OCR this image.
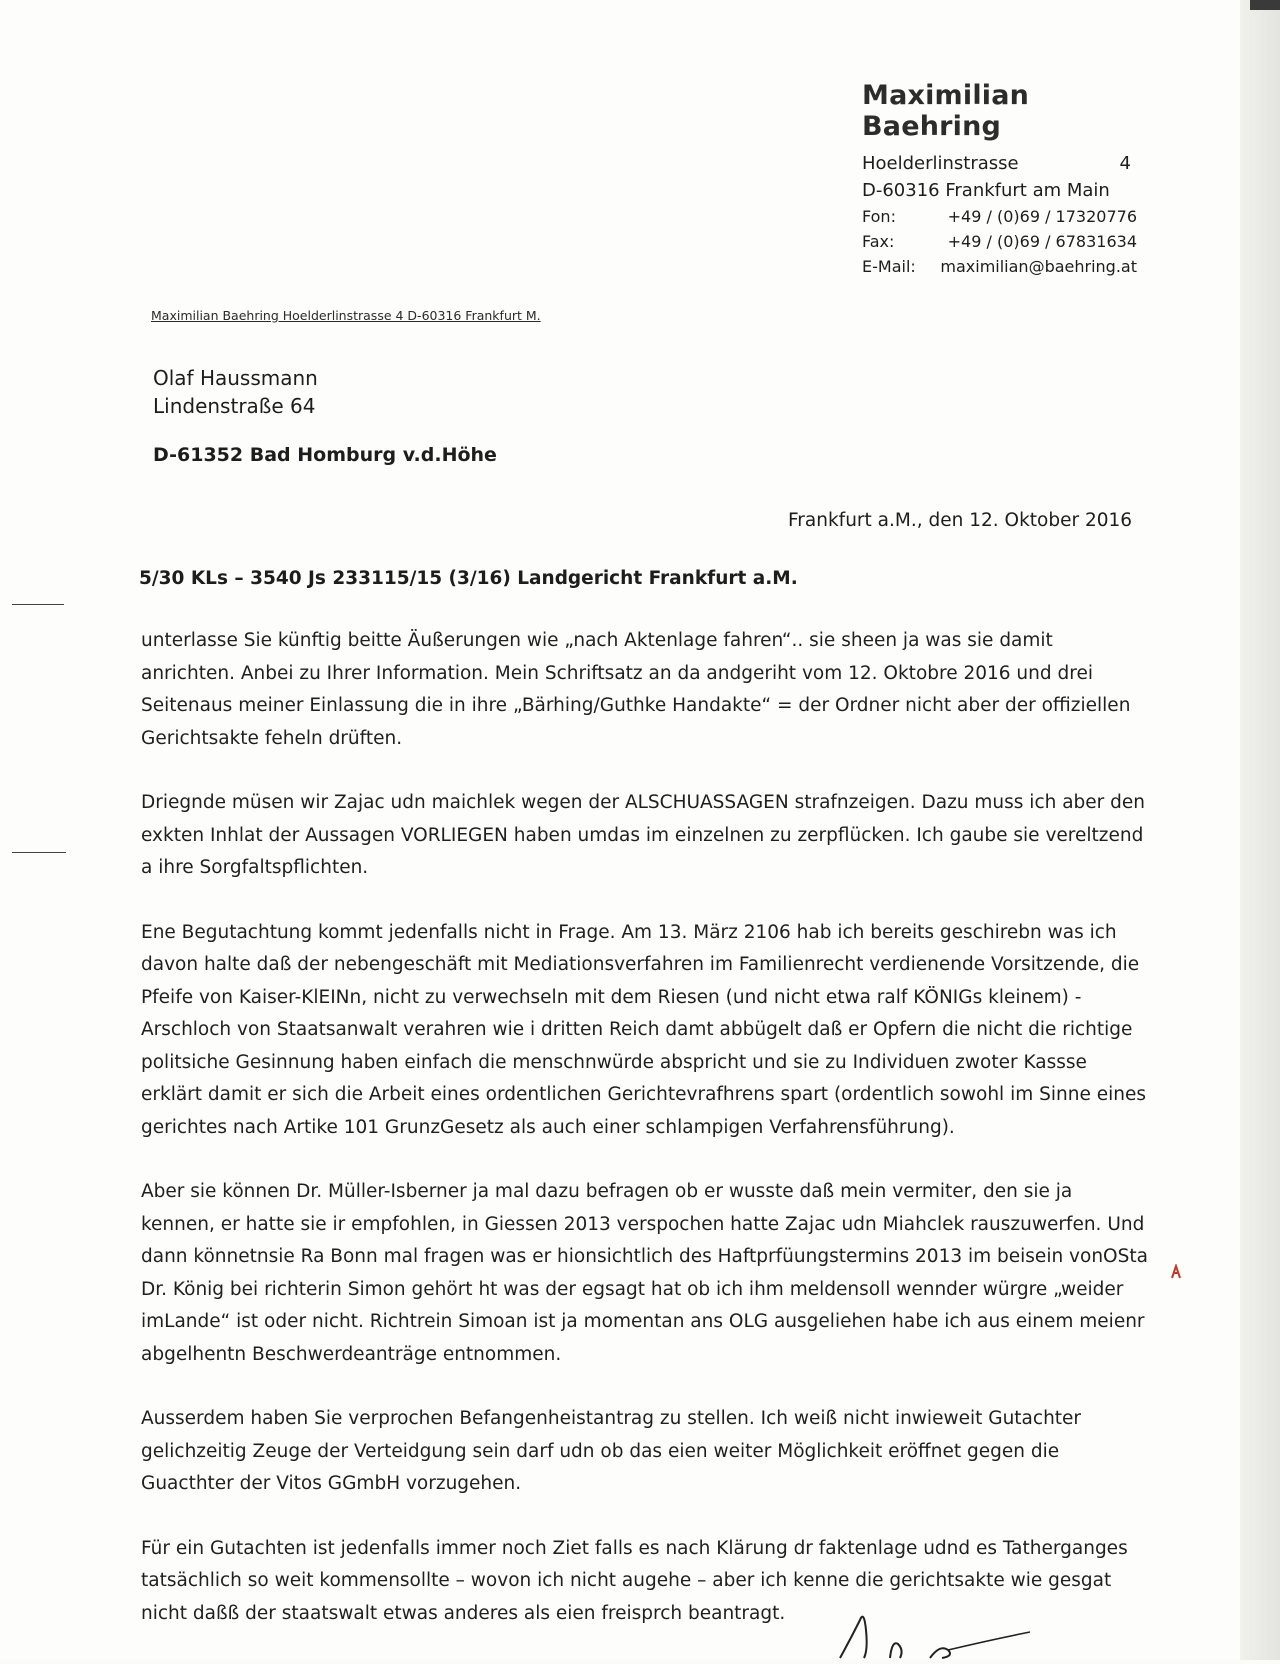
Maximilian Baehring
Hoelderlinstrasse	4
D-60316 Frankfurt am Main
Fon:	+49 / (0)69 / 17320776
Fax:	+49 / (0)69 / 67831634
E-Mail:	maximilian@baehring.at
Maximilian Baehring Hoelderlinstrasse 4 D-60316 Frankfurt M.
Olaf Haussmann
Lindenstraße 64
D-61352 Bad Homburg v.d.Höhe
Frankfurt a.M., den 12. Oktober 2016
5/30 KLs – 3540 Js 233115/15 (3/16) Landgericht Frankfurt a.M.

unterlasse Sie künftig beitte Äußerungen wie „nach Aktenlage fahren“.. sie sheen ja was sie damit anrichten. Anbei zu Ihrer Information. Mein Schriftsatz an da andgeriht vom 12. Oktobre 2016 und drei Seitenaus meiner Einlassung die in ihre „Bärhing/Guthke Handakte“ = der Ordner nicht aber der offiziellen Gerichtsakte feheln drüften.

Driegnde müsen wir Zajac udn maichlek wegen der ALSCHUASSAGEN strafnzeigen. Dazu muss ich aber den exkten Inhlat der Aussagen VORLIEGEN haben umdas im einzelnen zu zerpflücken. Ich gaube sie vereltzend a ihre Sorgfaltspflichten.

Ene Begutachtung kommt jedenfalls nicht in Frage. Am 13. März 2106 hab ich bereits geschirebn was ich davon halte daß der nebengeschäft mit Mediationsverfahren im Familienrecht verdienende Vorsitzende, die Pfeife von Kaiser-KlEINn, nicht zu verwechseln mit dem Riesen (und nicht etwa ralf KÖNIGs kleinem) - Arschloch von Staatsanwalt verahren wie i dritten Reich damt abbügelt daß er Opfern die nicht die richtige politsiche Gesinnung haben einfach die menschnwürde abspricht und sie zu Individuen zwoter Kassse erklärt damit er sich die Arbeit eines ordentlichen Gerichtevrafhrens spart (ordentlich sowohl im Sinne eines gerichtes nach Artike 101 GrunzGesetz als auch einer schlampigen Verfahrensführung).

Aber sie können Dr. Müller-Isberner ja mal dazu befragen ob er wusste daß mein vermiter, den sie ja kennen, er hatte sie ir empfohlen, in Giessen 2013 verspochen hatte Zajac udn Miahclek rauszuwerfen. Und dann könnetnsie Ra Bonn mal fragen was er hionsichtlich des Haftprfüungstermins 2013 im beisein vonOSta Dr. König bei richterin Simon gehört ht was der egsagt hat ob ich ihm meldensoll wennder würgre „weider imLande“ ist oder nicht. Richtrein Simoan ist ja momentan ans OLG ausgeliehen habe ich aus einem meienr abgelhentn Beschwerdeanträge entnommen.

Ausserdem haben Sie verprochen Befangenheistantrag zu stellen. Ich weiß nicht inwieweit Gutachter gelichzeitig Zeuge der Verteidgung sein darf udn ob das eien weiter Möglichkeit eröffnet gegen die Guacthter der Vitos GGmbH vorzugehen.

Für ein Gutachten ist jedenfalls immer noch Ziet falls es nach Klärung dr faktenlage udnd es Tatherganges tatsächlich so weit kommensollte – wovon ich nicht augehe – aber ich kenne die gerichtsakte wie gesgat nicht daßß der staatswalt etwas anderes als eien freisprch beantragt.
